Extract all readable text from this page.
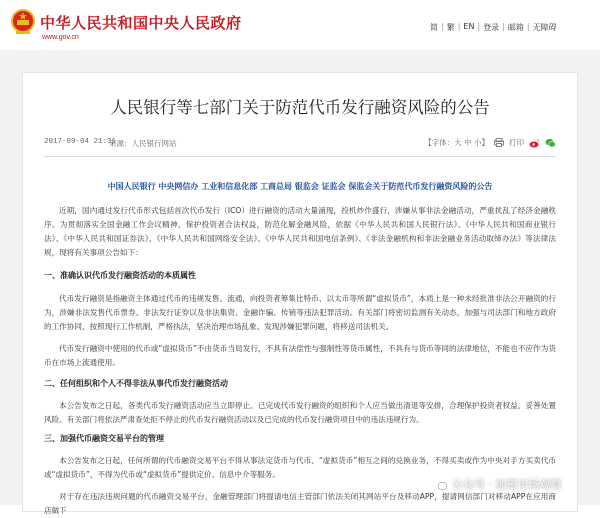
中华人民共和国中央人民政府
www.gov.cn
简 | 繁 | EN | 登录 | 邮箱 | 无障碍
人民银行等七部门关于防范代币发行融资风险的公告
2017-09-04 21:31
来源：人民银行网站	【字体：大 中 小】	打印
中国人民银行 中央网信办 工业和信息化部 工商总局 银监会 证监会 保监会关于防范代币发行融资风险的公告
近期，国内通过发行代币形式包括首次代币发行（ICO）进行融资的活动大量涌现，投机炒作盛行，涉嫌从事非法金融活动，严重扰乱了经济金融秩序。为贯彻落实全国金融工作会议精神，保护投资者合法权益，防范化解金融风险，依据《中华人民共和国人民银行法》、《中华人民共和国商业银行法》、《中华人民共和国证券法》、《中华人民共和国网络安全法》、《中华人民共和国电信条例》、《非法金融机构和非法金融业务活动取缔办法》等法律法规，现将有关事项公告如下：
一、准确认识代币发行融资活动的本质属性
代币发行融资是指融资主体通过代币的违规发售、流通，向投资者筹集比特币、以太币等所谓“虚拟货币”，本质上是一种未经批准非法公开融资的行为，涉嫌非法发售代币票券、非法发行证券以及非法集资、金融诈骗、传销等违法犯罪活动。有关部门将密切监测有关动态，加强与司法部门和地方政府的工作协同，按照现行工作机制，严格执法，坚决治理市场乱象。发现涉嫌犯罪问题，将移送司法机关。
代币发行融资中使用的代币或“虚拟货币”不由货币当局发行，不具有法偿性与强制性等货币属性，不具有与货币等同的法律地位，不能也不应作为货币在市场上流通使用。
二、任何组织和个人不得非法从事代币发行融资活动
本公告发布之日起，各类代币发行融资活动应当立即停止。已完成代币发行融资的组织和个人应当做出清退等安排，合理保护投资者权益，妥善处置风险。有关部门将依法严肃查处拒不停止的代币发行融资活动以及已完成的代币发行融资项目中的违法违规行为。
三、加强代币融资交易平台的管理
本公告发布之日起，任何所谓的代币融资交易平台不得从事法定货币与代币、“虚拟货币”相互之间的兑换业务，不得买卖或作为中央对手方买卖代币或“虚拟货币”，不得为代币或“虚拟货币”提供定价、信息中介等服务。
对于存在违法违规问题的代币融资交易平台，金融管理部门将提请电信主管部门依法关闭其网站平台及移动APP，提请网信部门对移动APP在应用商店做下
公众号 · 加密市场观察
